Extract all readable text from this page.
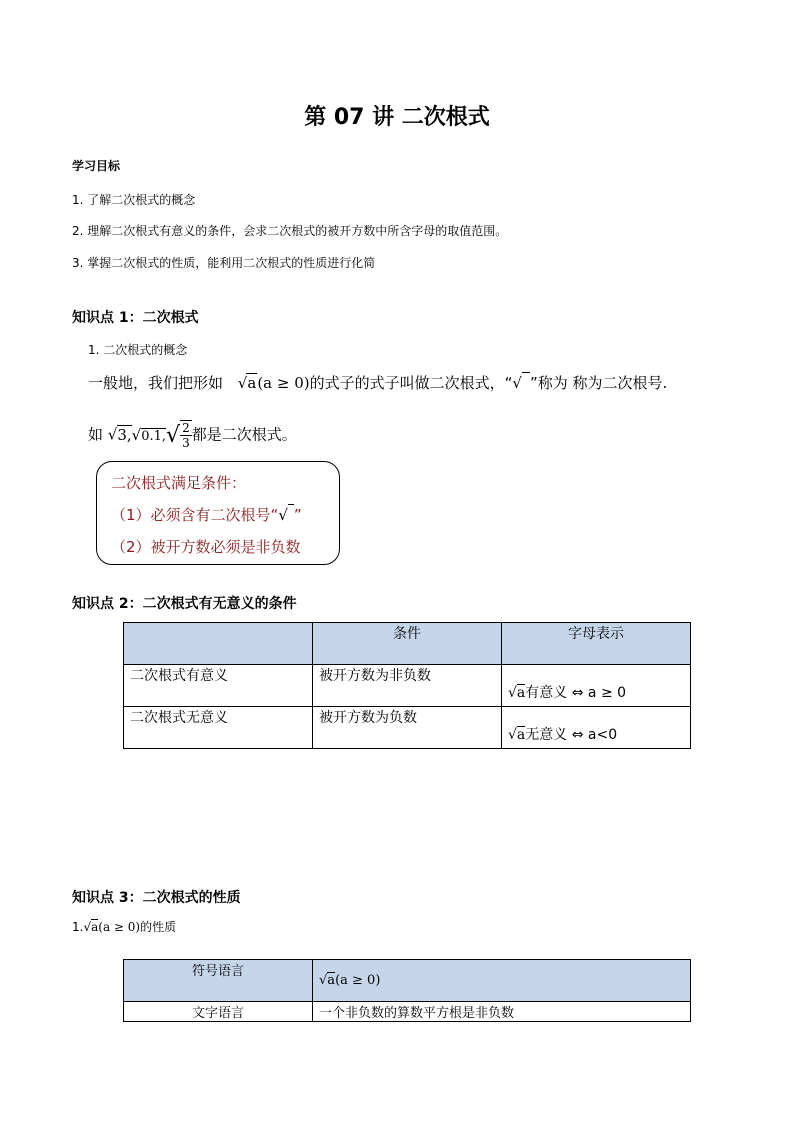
第 07 讲 二次根式
学习目标
1. 了解二次根式的概念
2. 理解二次根式有意义的条件，会求二次根式的被开方数中所含字母的取值范围。
3. 掌握二次根式的性质，能利用二次根式的性质进行化简
知识点 1：二次根式
1. 二次根式的概念
一般地，我们把形如 √a(a ≥ 0)的式子的式子叫做二次根式，“√ ”称为 称为二次根号.
如 √3,√0.1, √ $\frac{2}{3}$ 都是二次根式。
二次根式满足条件：
（1）必须含有二次根号“√ ”
（2）被开方数必须是非负数
知识点 2：二次根式有无意义的条件
	条件	字母表示
二次根式有意义	被开方数为非负数	√a有意义 ⇔ a ≥ 0
二次根式无意义	被开方数为负数	√a无意义 ⇔ a<0
知识点 3：二次根式的性质
1.√a(a ≥ 0)的性质
符号语言	√a(a ≥ 0)
文字语言	一个非负数的算数平方根是非负数
